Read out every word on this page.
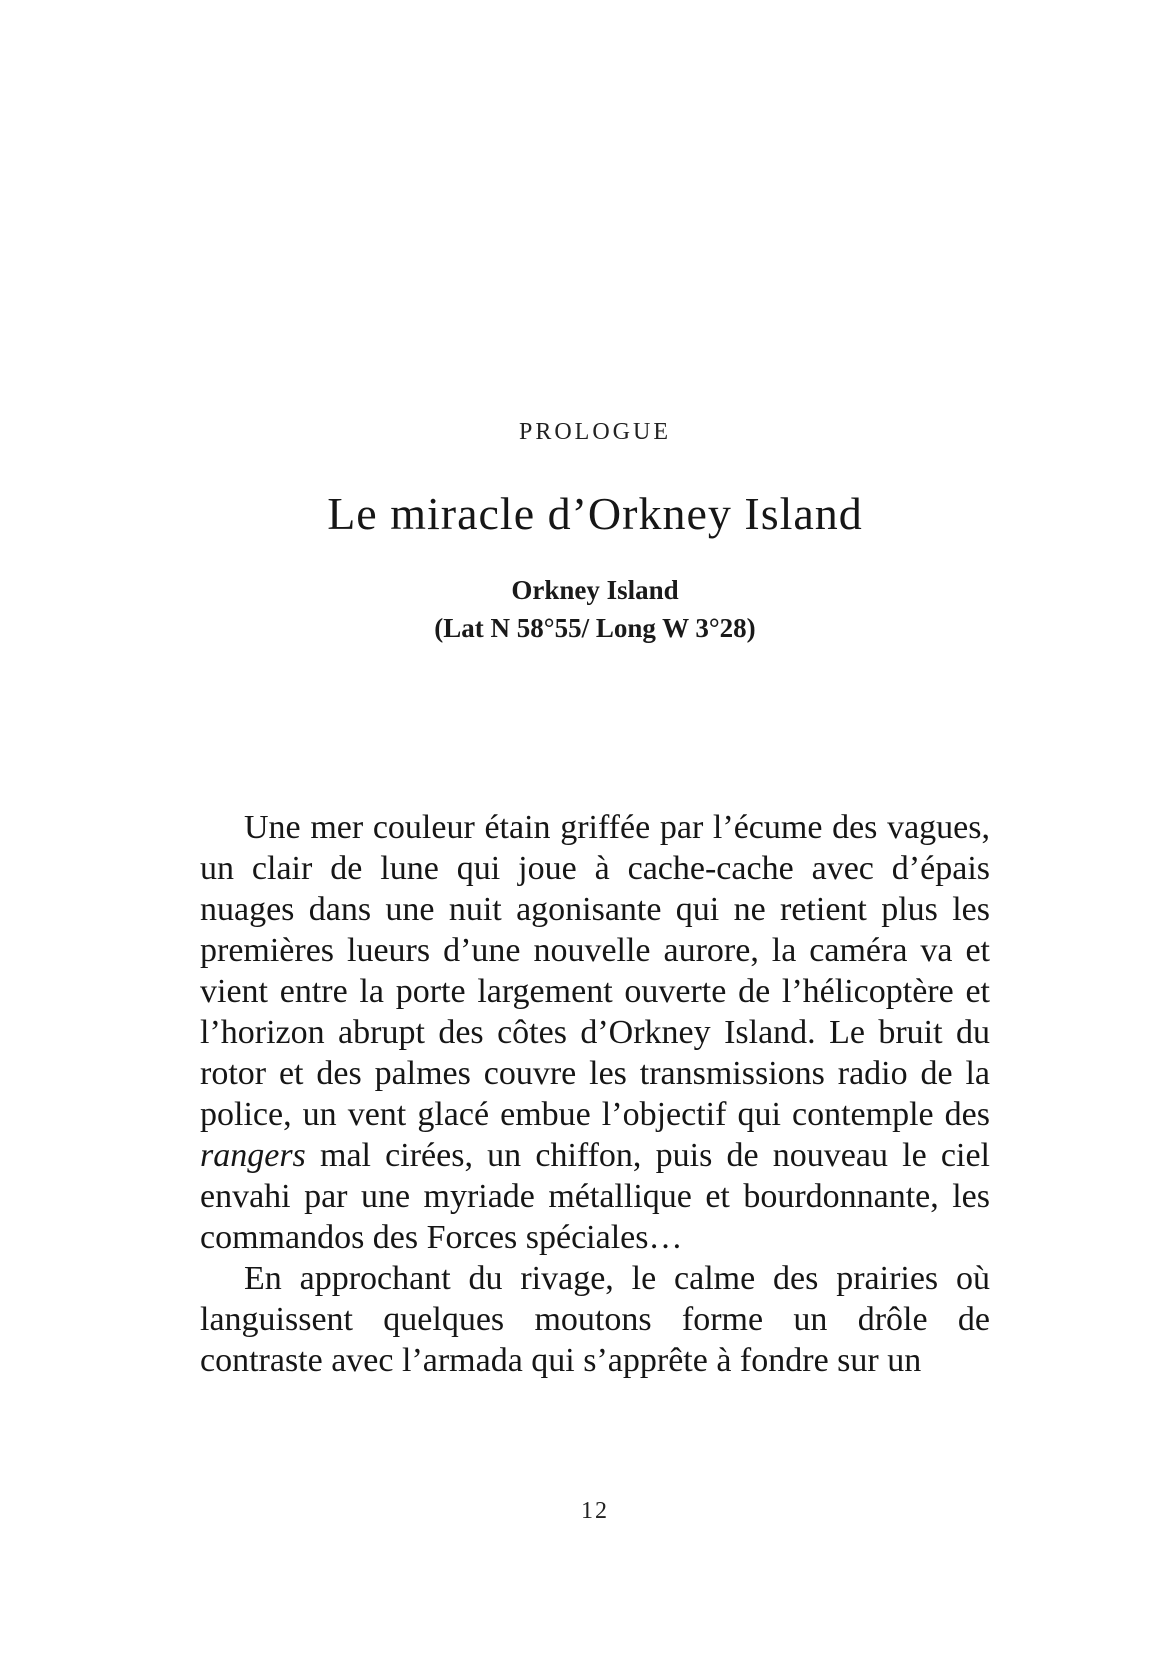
PROLOGUE
Le miracle d’Orkney Island
Orkney Island
(Lat N 58°55/ Long W 3°28)

Une mer couleur étain griffée par l’écume des vagues, un clair de lune qui joue à cache-cache avec d’épais nuages dans une nuit agonisante qui ne retient plus les premières lueurs d’une nouvelle aurore, la caméra va et vient entre la porte largement ouverte de l’hélicoptère et l’horizon abrupt des côtes d’Orkney Island. Le bruit du rotor et des palmes couvre les transmissions radio de la police, un vent glacé embue l’objectif qui contemple des rangers mal cirées, un chiffon, puis de nouveau le ciel envahi par une myriade métallique et bourdonnante, les commandos des Forces spéciales…

En approchant du rivage, le calme des prairies où languissent quelques moutons forme un drôle de contraste avec l’armada qui s’apprête à fondre sur un

12
